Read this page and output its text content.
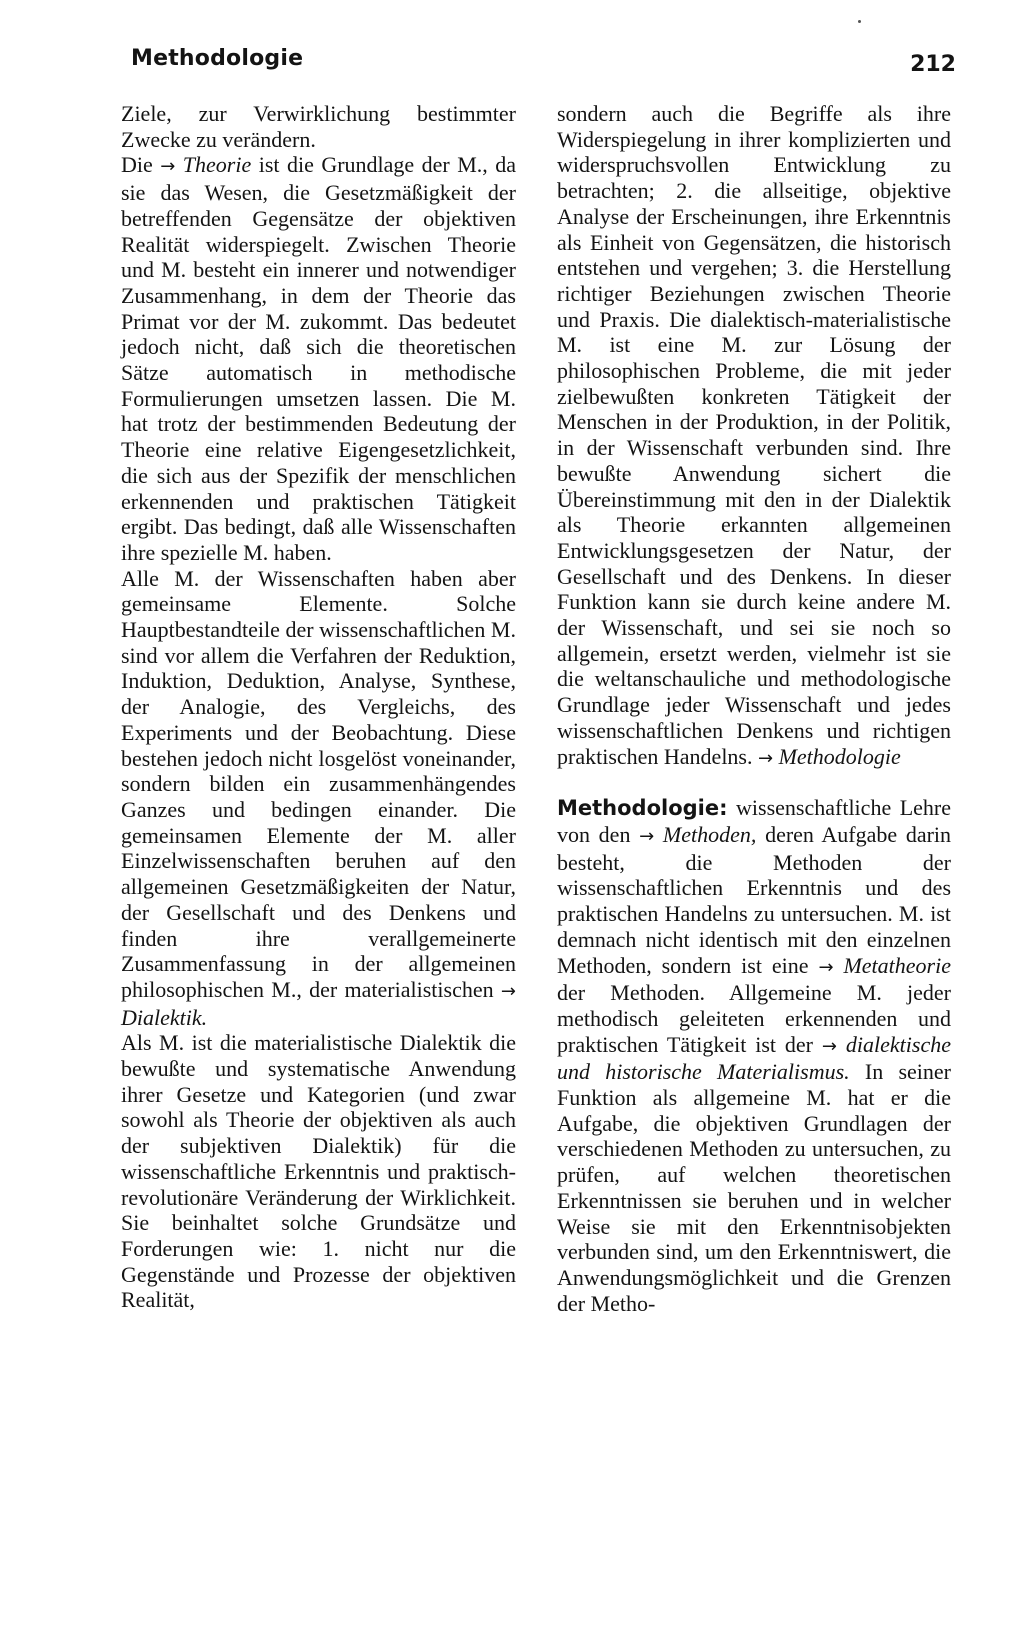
Methodologie	212

Ziele, zur Verwirklichung bestimmter Zwecke zu verändern.

Die → Theorie ist die Grundlage der M., da sie das Wesen, die Gesetzmäßigkeit der betreffenden Gegensätze der objektiven Realität widerspiegelt. Zwischen Theorie und M. besteht ein innerer und notwendiger Zusammenhang, in dem der Theorie das Primat vor der M. zukommt. Das bedeutet jedoch nicht, daß sich die theoretischen Sätze automatisch in methodische Formulierungen umsetzen lassen. Die M. hat trotz der bestimmenden Bedeutung der Theorie eine relative Eigengesetzlichkeit, die sich aus der Spezifik der menschlichen erkennenden und praktischen Tätigkeit ergibt. Das bedingt, daß alle Wissenschaften ihre spezielle M. haben.

Alle M. der Wissenschaften haben aber gemeinsame Elemente. Solche Hauptbestandteile der wissenschaftlichen M. sind vor allem die Verfahren der Reduktion, Induktion, Deduktion, Analyse, Synthese, der Analogie, des Vergleichs, des Experiments und der Beobachtung. Diese bestehen jedoch nicht losgelöst voneinander, sondern bilden ein zusammenhängendes Ganzes und bedingen einander. Die gemeinsamen Elemente der M. aller Einzelwissenschaften beruhen auf den allgemeinen Gesetzmäßigkeiten der Natur, der Gesellschaft und des Denkens und finden ihre verallgemeinerte Zusammenfassung in der allgemeinen philosophischen M., der materialistischen → Dialektik.

Als M. ist die materialistische Dialektik die bewußte und systematische Anwendung ihrer Gesetze und Kategorien (und zwar sowohl als Theorie der objektiven als auch der subjektiven Dialektik) für die wissenschaftliche Erkenntnis und praktisch-revolutionäre Veränderung der Wirklichkeit. Sie beinhaltet solche Grundsätze und Forderungen wie: 1. nicht nur die Gegenstände und Prozesse der objektiven Realität,

sondern auch die Begriffe als ihre Widerspiegelung in ihrer komplizierten und widerspruchsvollen Entwicklung zu betrachten; 2. die allseitige, objektive Analyse der Erscheinungen, ihre Erkenntnis als Einheit von Gegensätzen, die historisch entstehen und vergehen; 3. die Herstellung richtiger Beziehungen zwischen Theorie und Praxis. Die dialektisch-materialistische M. ist eine M. zur Lösung der philosophischen Probleme, die mit jeder zielbewußten konkreten Tätigkeit der Menschen in der Produktion, in der Politik, in der Wissenschaft verbunden sind. Ihre bewußte Anwendung sichert die Übereinstimmung mit den in der Dialektik als Theorie erkannten allgemeinen Entwicklungsgesetzen der Natur, der Gesellschaft und des Denkens. In dieser Funktion kann sie durch keine andere M. der Wissenschaft, und sei sie noch so allgemein, ersetzt werden, vielmehr ist sie die weltanschauliche und methodologische Grundlage jeder Wissenschaft und jedes wissenschaftlichen Denkens und richtigen praktischen Handelns. → Methodologie

Methodologie: wissenschaftliche Lehre von den → Methoden, deren Aufgabe darin besteht, die Methoden der wissenschaftlichen Erkenntnis und des praktischen Handelns zu untersuchen. M. ist demnach nicht identisch mit den einzelnen Methoden, sondern ist eine → Metatheorie der Methoden. Allgemeine M. jeder methodisch geleiteten erkennenden und praktischen Tätigkeit ist der → dialektische und historische Materialismus. In seiner Funktion als allgemeine M. hat er die Aufgabe, die objektiven Grundlagen der verschiedenen Methoden zu untersuchen, zu prüfen, auf welchen theoretischen Erkenntnissen sie beruhen und in welcher Weise sie mit den Erkenntnisobjekten verbunden sind, um den Erkenntniswert, die Anwendungsmöglichkeit und die Grenzen der Metho-
